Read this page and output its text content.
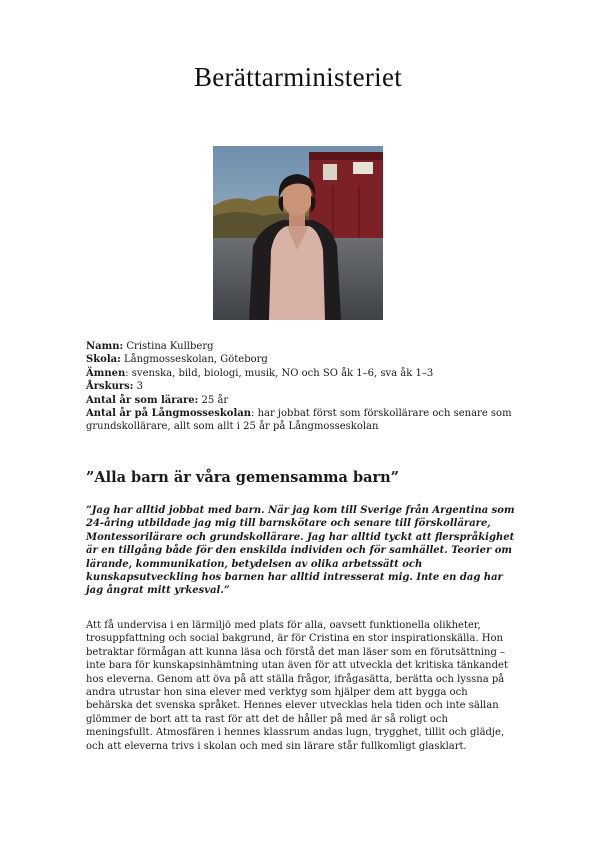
Berättarministeriet

Namn: Cristina Kullberg

Skola: Långmosseskolan, Göteborg

Ämnen: svenska, bild, biologi, musik, NO och SO åk 1–6, sva åk 1–3

Årskurs: 3

Antal år som lärare: 25 år

Antal år på Långmosseskolan: har jobbat först som förskollärare och senare som grundskollärare, allt som allt i 25 år på Långmosseskolan

”Alla barn är våra gemensamma barn”

”Jag har alltid jobbat med barn. När jag kom till Sverige från Argentina som 24-åring utbildade jag mig till barnskötare och senare till förskollärare, Montessorilärare och grundskollärare. Jag har alltid tyckt att flerspråkighet är en tillgång både för den enskilda individen och för samhället. Teorier om lärande, kommunikation, betydelsen av olika arbetssätt och kunskapsutveckling hos barnen har alltid intresserat mig. Inte en dag har jag ångrat mitt yrkesval.”

Att få undervisa i en lärmiljö med plats för alla, oavsett funktionella olikheter, trosuppfattning och social bakgrund, är för Cristina en stor inspirationskälla. Hon betraktar förmågan att kunna läsa och förstå det man läser som en förutsättning – inte bara för kunskapsinhämtning utan även för att utveckla det kritiska tänkandet hos eleverna. Genom att öva på att ställa frågor, ifrågasätta, berätta och lyssna på andra utrustar hon sina elever med verktyg som hjälper dem att bygga och behärska det svenska språket. Hennes elever utvecklas hela tiden och inte sällan glömmer de bort att ta rast för att det de håller på med är så roligt och meningsfullt. Atmosfären i hennes klassrum andas lugn, trygghet, tillit och glädje, och att eleverna trivs i skolan och med sin lärare står fullkomligt glasklart.
